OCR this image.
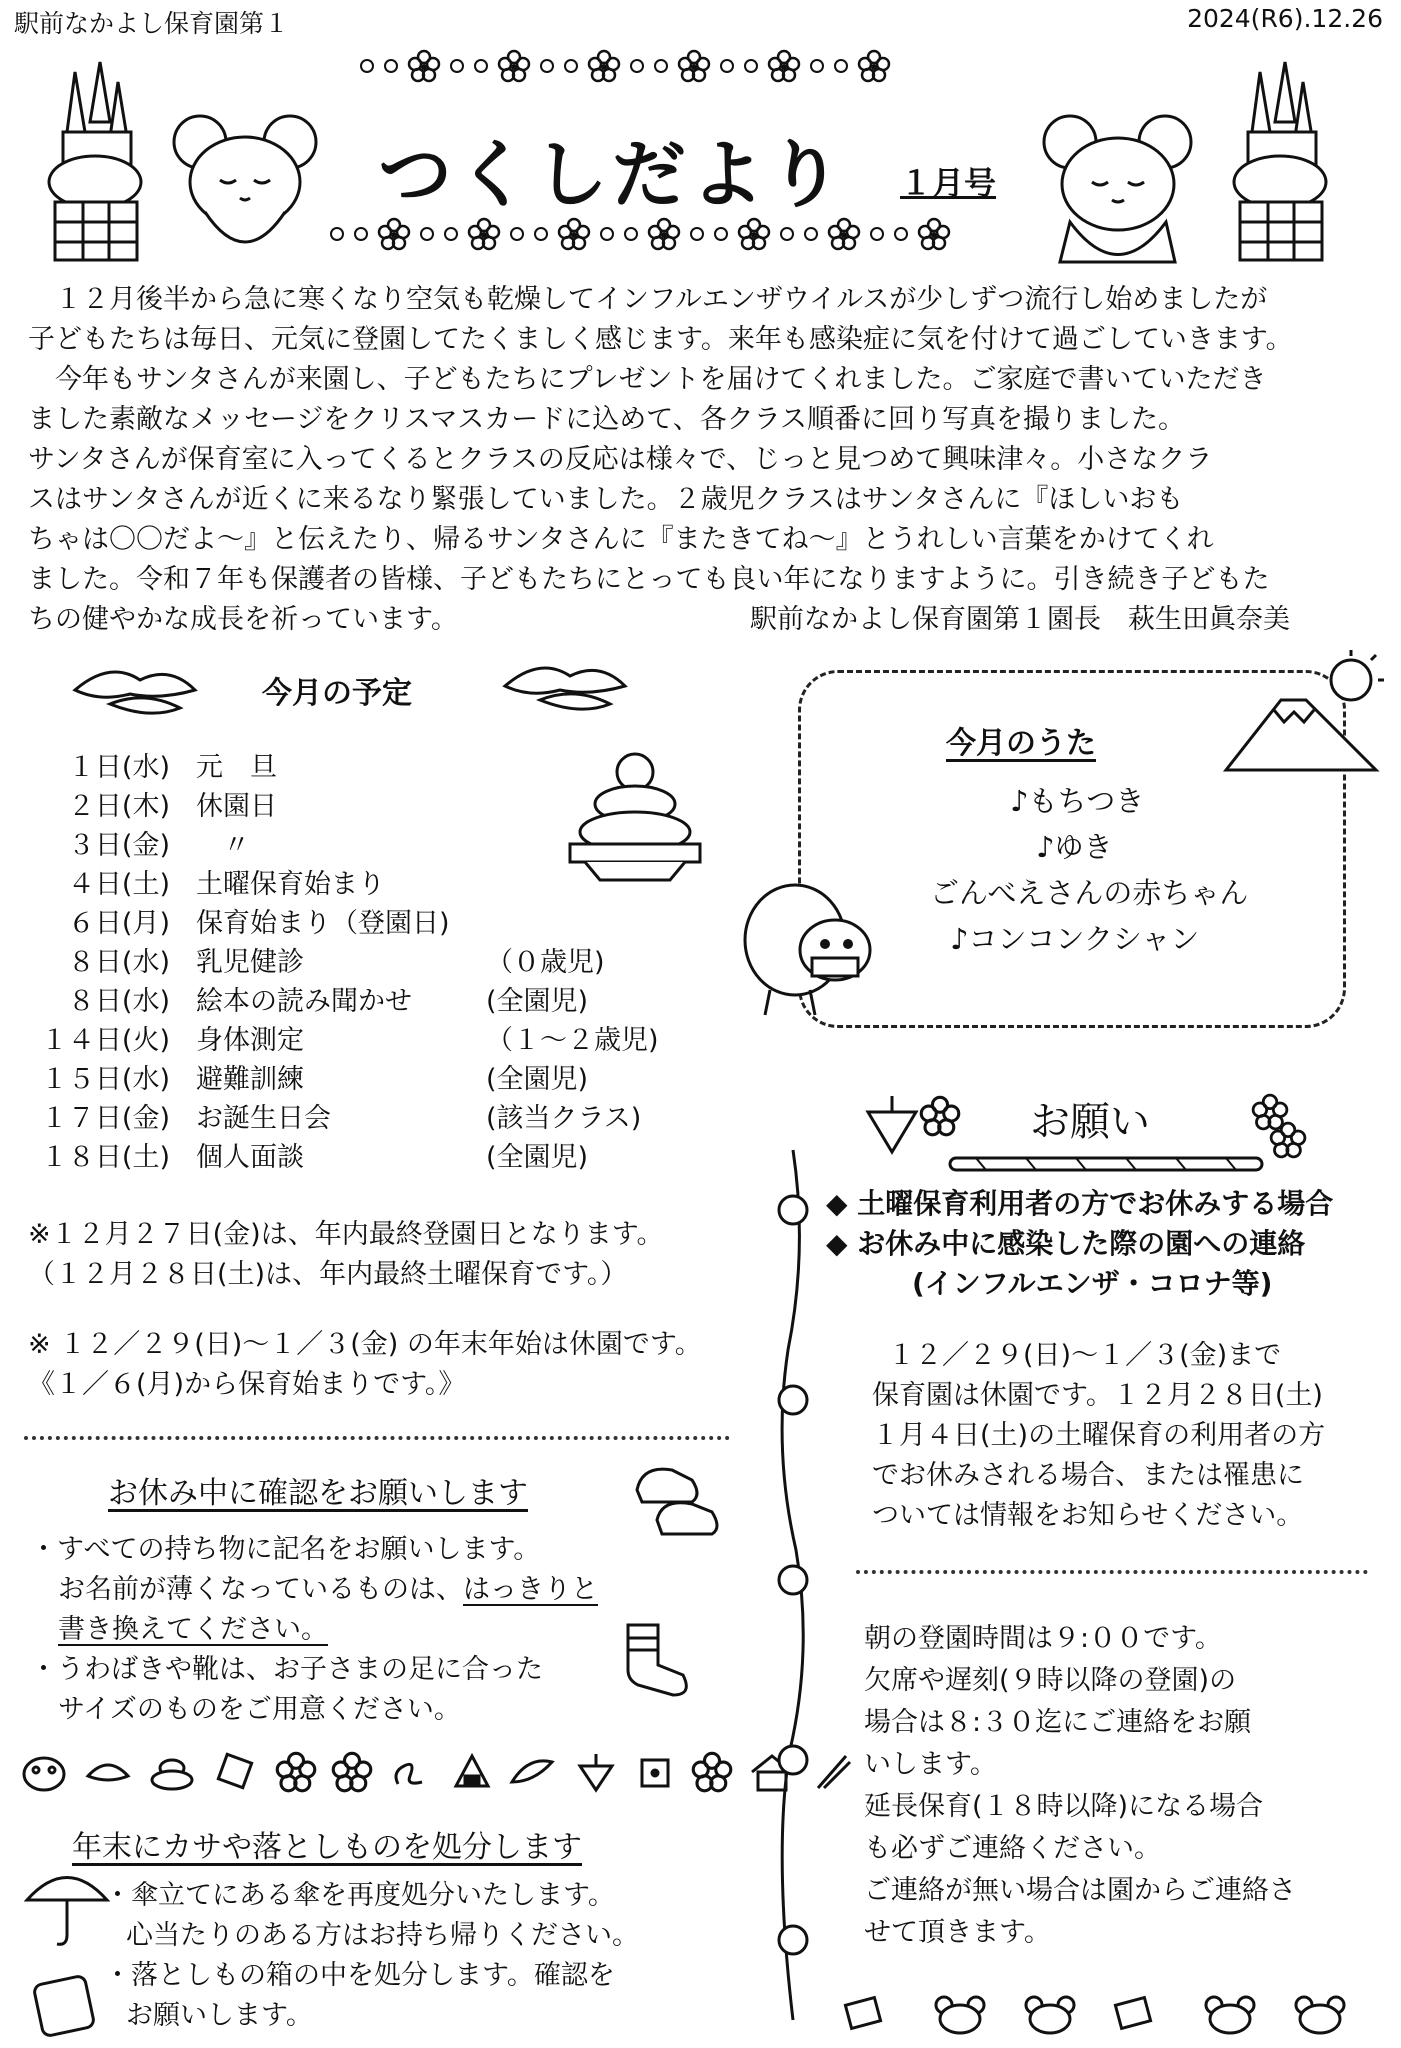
駅前なかよし保育園第１	2024(R6).12.26
つくしだより １月号

　１２月後半から急に寒くなり空気も乾燥してインフルエンザウイルスが少しずつ流行し始めましたが

子どもたちは毎日、元気に登園してたくましく感じます。来年も感染症に気を付けて過ごしていきます。

　今年もサンタさんが来園し、子どもたちにプレゼントを届けてくれました。ご家庭で書いていただき

ました素敵なメッセージをクリスマスカードに込めて、各クラス順番に回り写真を撮りました。

サンタさんが保育室に入ってくるとクラスの反応は様々で、じっと見つめて興味津々。小さなクラ

スはサンタさんが近くに来るなり緊張していました。２歳児クラスはサンタさんに『ほしいおも

ちゃは〇〇だよ～』と伝えたり、帰るサンタさんに『またきてね～』とうれしい言葉をかけてくれ

ました。令和７年も保護者の皆様、子どもたちにとっても良い年になりますように。引き続き子どもた

ちの健やかな成長を祈っています。	駅前なかよし保育園第１園長　萩生田眞奈美
今月の予定
１日(水) 元　旦
２日(木) 休園日
３日(金) 　〃
４日(土) 土曜保育始まり
６日(月) 保育始まり（登園日)
８日(水) 乳児健診	（０歳児)
８日(水) 絵本の読み聞かせ	(全園児)
１４日(火) 身体測定	（１～２歳児)
１５日(水) 避難訓練	(全園児)
１７日(金) お誕生日会	(該当クラス)
１８日(土) 個人面談	(全園児)
※１２月２７日(金)は、年内最終登園日となります。
（１２月２８日(土)は、年内最終土曜保育です。）
※ １２／２９(日)～１／３(金) の年末年始は休園です。
《１／６(月)から保育始まりです。》
お休み中に確認をお願いします
・すべての持ち物に記名をお願いします。
お名前が薄くなっているものは、はっきりと
書き換えてください。
・うわばきや靴は、お子さまの足に合った
サイズのものをご用意ください。
年末にカサや落としものを処分します
・傘立てにある傘を再度処分いたします。
心当たりのある方はお持ち帰りください。
・落としもの箱の中を処分します。確認を
お願いします。
今月のうた
♪もちつき
♪ゆき
ごんべえさんの赤ちゃん
♪コンコンクシャン
お願い
◆ 土曜保育利用者の方でお休みする場合
◆ お休み中に感染した際の園への連絡
(インフルエンザ・コロナ等)
１２／２９(日)～１／３(金)まで
保育園は休園です。１２月２８日(土)
１月４日(土)の土曜保育の利用者の方
でお休みされる場合、または罹患に
ついては情報をお知らせください。
朝の登園時間は９:００です。
欠席や遅刻(９時以降の登園)の
場合は８:３０迄にご連絡をお願
いします。
延長保育(１８時以降)になる場合
も必ずご連絡ください。
ご連絡が無い場合は園からご連絡さ
せて頂きます。
